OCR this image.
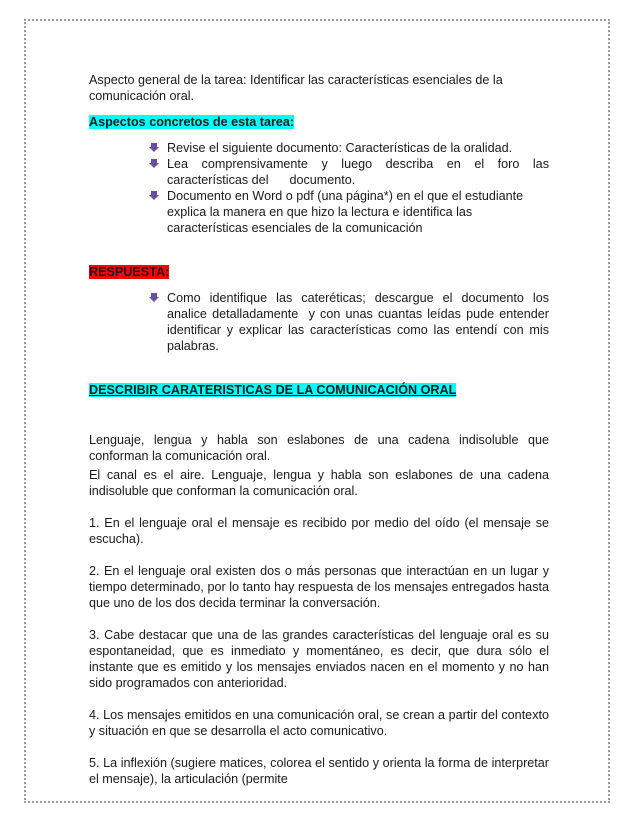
Aspecto general de la tarea: Identificar las características esenciales de la comunicación oral.

Aspectos concretos de esta tarea:

Revise el siguiente documento: Características de la oralidad.
Lea comprensivamente y luego describa en el foro las características del      documento.
Documento en Word o pdf (una página*) en el que el estudiante explica la manera en que hizo la lectura e identifica las características esenciales de la comunicación

RESPUESTA:

Como identifique las cateréticas; descargue el documento los analice detalladamente  y con unas cuantas leídas pude entender identificar y explicar las características como las entendí con mis palabras.

DESCRIBIR CARATERISTICAS DE LA COMUNICACIÓN ORAL

Lenguaje, lengua y habla son eslabones de una cadena indisoluble que conforman la comunicación oral.

El canal es el aire. Lenguaje, lengua y habla son eslabones de una cadena indisoluble que conforman la comunicación oral.

1. En el lenguaje oral el mensaje es recibido por medio del oído (el mensaje se escucha).

2. En el lenguaje oral existen dos o más personas que interactúan en un lugar y tiempo determinado, por lo tanto hay respuesta de los mensajes entregados hasta que uno de los dos decida terminar la conversación.

3. Cabe destacar que una de las grandes características del lenguaje oral es su espontaneidad, que es inmediato y momentáneo, es decir, que dura sólo el instante que es emitido y los mensajes enviados nacen en el momento y no han sido programados con anterioridad.

4. Los mensajes emitidos en una comunicación oral, se crean a partir del contexto y situación en que se desarrolla el acto comunicativo.

5. La inflexión (sugiere matices, colorea el sentido y orienta la forma de interpretar el mensaje), la articulación (permite
